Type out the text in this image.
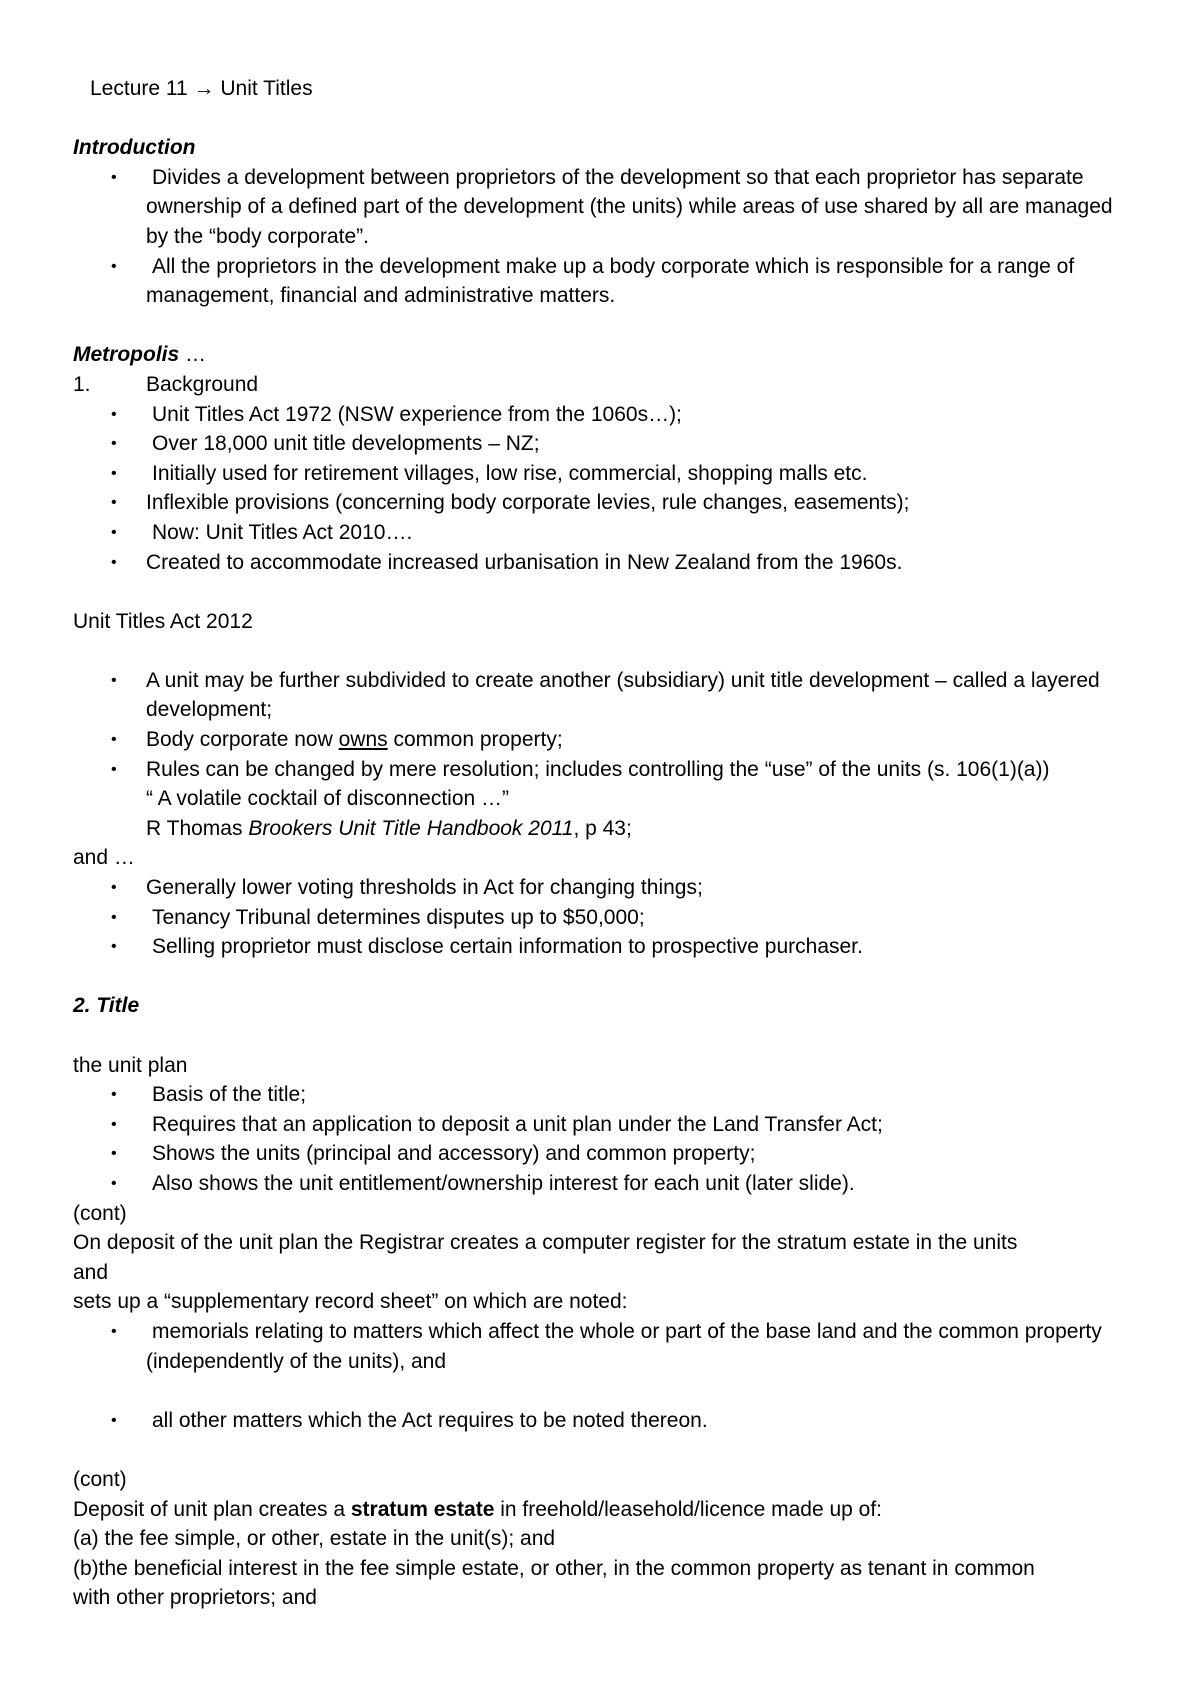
Lecture 11 → Unit Titles

Introduction

• Divides a development between proprietors of the development so that each proprietor has separate ownership of a defined part of the development (the units) while areas of use shared by all are managed by the “body corporate”.
• All the proprietors in the development make up a body corporate which is responsible for a range of management, financial and administrative matters.

Metropolis …

1.	Background
• Unit Titles Act 1972 (NSW experience from the 1060s…);
• Over 18,000 unit title developments – NZ;
• Initially used for retirement villages, low rise, commercial, shopping malls etc.
• Inflexible provisions (concerning body corporate levies, rule changes, easements);
• Now: Unit Titles Act 2010….
• Created to accommodate increased urbanisation in New Zealand from the 1960s.

Unit Titles Act 2012

• A unit may be further subdivided to create another (subsidiary) unit title development – called a layered development;
• Body corporate now owns common property;
• Rules can be changed by mere resolution; includes controlling the “use” of the units (s. 106(1)(a))

“ A volatile cocktail of disconnection …”

R Thomas Brookers Unit Title Handbook 2011, p 43;

and …

• Generally lower voting thresholds in Act for changing things;
• Tenancy Tribunal determines disputes up to $50,000;
• Selling proprietor must disclose certain information to prospective purchaser.

2. Title

the unit plan

• Basis of the title;
• Requires that an application to deposit a unit plan under the Land Transfer Act;
• Shows the units (principal and accessory) and common property;
• Also shows the unit entitlement/ownership interest for each unit (later slide).

(cont)

On deposit of the unit plan the Registrar creates a computer register for the stratum estate in the units

and

sets up a “supplementary record sheet” on which are noted:

• memorials relating to matters which affect the whole or part of the base land and the common property (independently of the units), and
• all other matters which the Act requires to be noted thereon.

(cont)

Deposit of unit plan creates a stratum estate in freehold/leasehold/licence made up of:

(a) the fee simple, or other, estate in the unit(s); and

(b)the beneficial interest in the fee simple estate, or other, in the common property as tenant in common

with other proprietors; and
